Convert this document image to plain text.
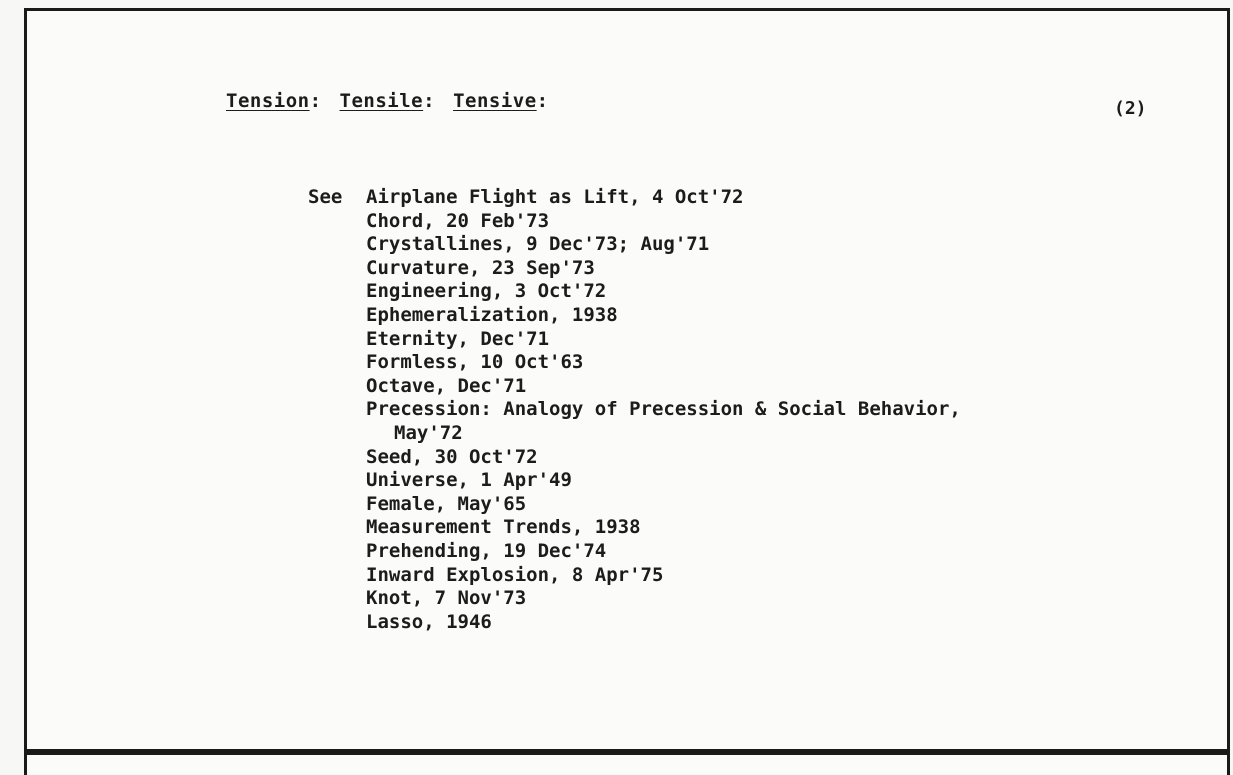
Tension: Tensile: Tensive:	(2)
See Airplane Flight as Lift, 4 Oct'72
Chord, 20 Feb'73
Crystallines, 9 Dec'73; Aug'71
Curvature, 23 Sep'73
Engineering, 3 Oct'72
Ephemeralization, 1938
Eternity, Dec'71
Formless, 10 Oct'63
Octave, Dec'71
Precession: Analogy of Precession & Social Behavior,
May'72
Seed, 30 Oct'72
Universe, 1 Apr'49
Female, May'65
Measurement Trends, 1938
Prehending, 19 Dec'74
Inward Explosion, 8 Apr'75
Knot, 7 Nov'73
Lasso, 1946
